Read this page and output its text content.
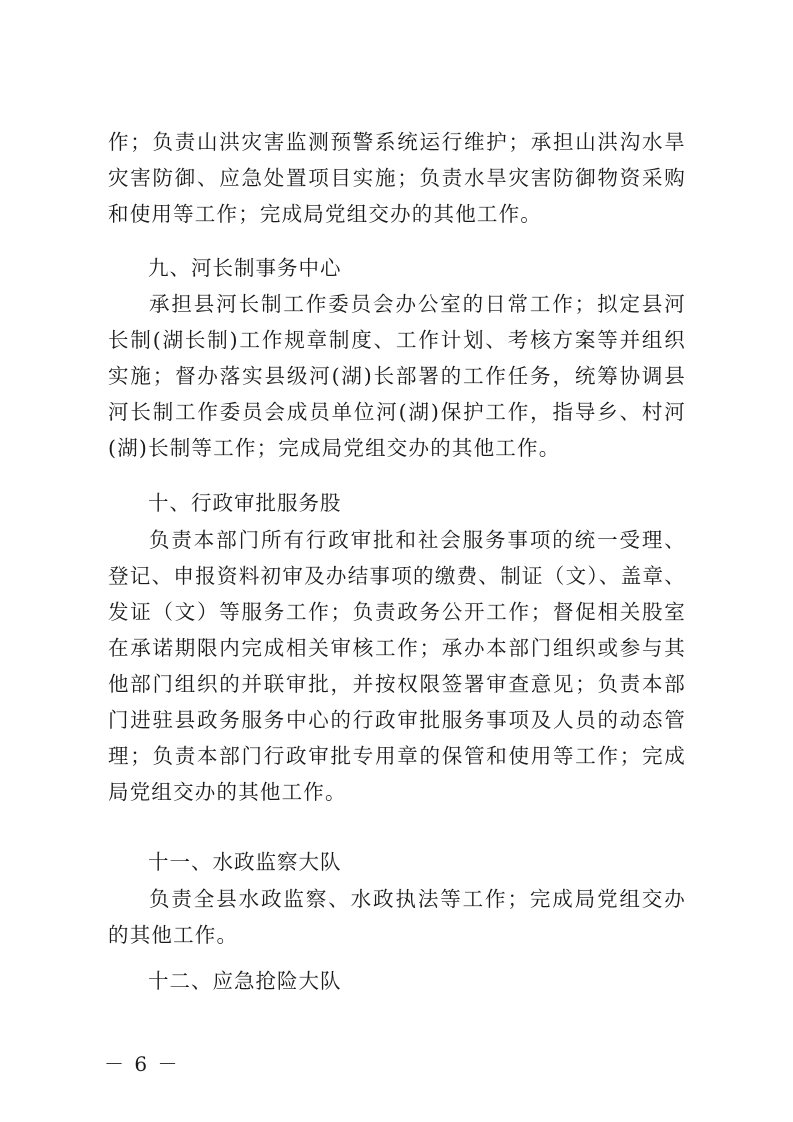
作；负责山洪灾害监测预警系统运行维护；承担山洪沟水旱灾害防御、应急处置项目实施；负责水旱灾害防御物资采购和使用等工作；完成局党组交办的其他工作。

九、河长制事务中心

承担县河长制工作委员会办公室的日常工作；拟定县河长制(湖长制)工作规章制度、工作计划、考核方案等并组织实施；督办落实县级河(湖)长部署的工作任务，统筹协调县河长制工作委员会成员单位河(湖)保护工作，指导乡、村河(湖)长制等工作；完成局党组交办的其他工作。

十、行政审批服务股

负责本部门所有行政审批和社会服务事项的统一受理、登记、申报资料初审及办结事项的缴费、制证（文）、盖章、发证（文）等服务工作；负责政务公开工作；督促相关股室在承诺期限内完成相关审核工作；承办本部门组织或参与其他部门组织的并联审批，并按权限签署审查意见；负责本部门进驻县政务服务中心的行政审批服务事项及人员的动态管理；负责本部门行政审批专用章的保管和使用等工作；完成局党组交办的其他工作。

十一、水政监察大队

负责全县水政监察、水政执法等工作；完成局党组交办的其他工作。

十二、应急抢险大队
－ 6 －
